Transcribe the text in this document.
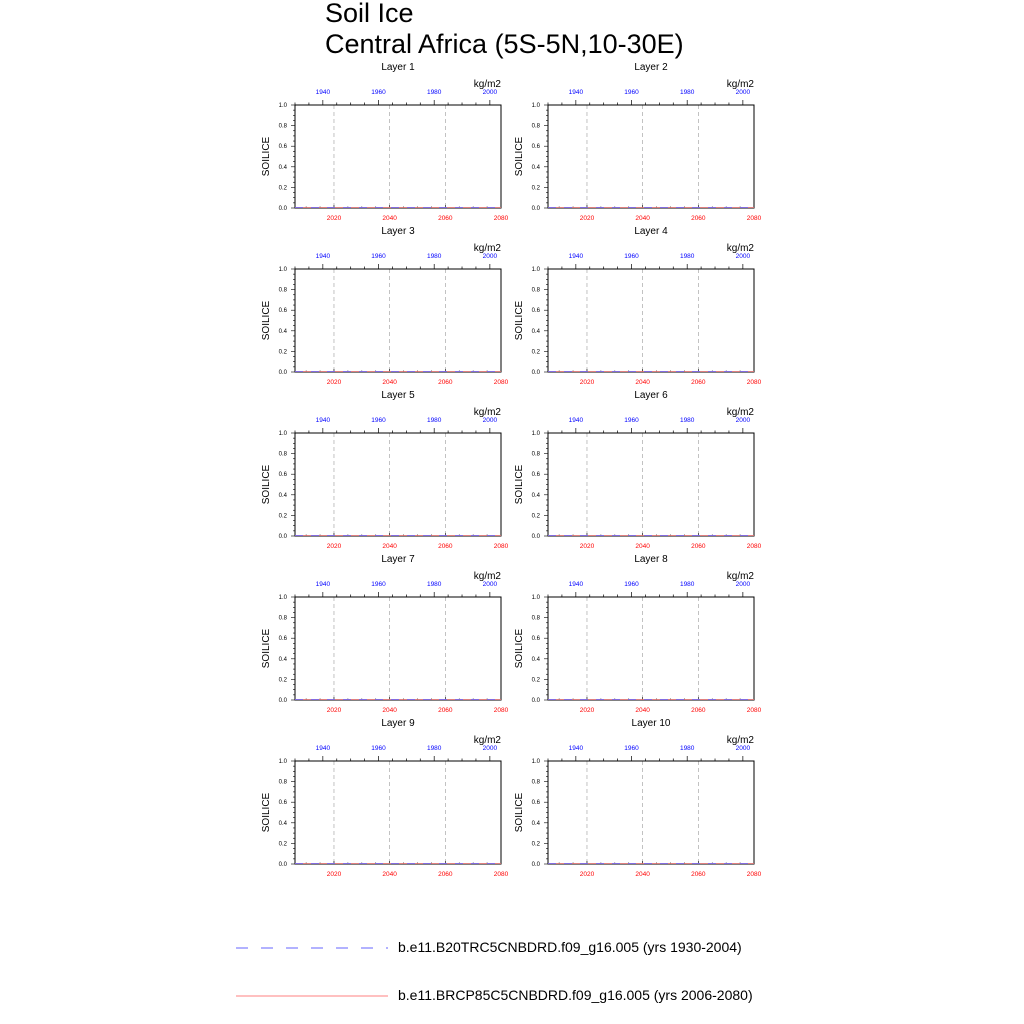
Soil Ice
Central Africa (5S-5N,10-30E)
Layer 1
kg/m2
SOILICE
0.0
0.2
0.4
0.6
0.8
1.0
2020	2040	2060	2080
1940	1960	1980	2000
Layer 2
kg/m2
SOILICE
0.0
0.2
0.4
0.6
0.8
1.0
2020	2040	2060	2080
1940	1960	1980	2000
Layer 3
kg/m2
SOILICE
0.0
0.2
0.4
0.6
0.8
1.0
2020	2040	2060	2080
1940	1960	1980	2000
Layer 4
kg/m2
SOILICE
0.0
0.2
0.4
0.6
0.8
1.0
2020	2040	2060	2080
1940	1960	1980	2000
Layer 5
kg/m2
SOILICE
0.0
0.2
0.4
0.6
0.8
1.0
2020	2040	2060	2080
1940	1960	1980	2000
Layer 6
kg/m2
SOILICE
0.0
0.2
0.4
0.6
0.8
1.0
2020	2040	2060	2080
1940	1960	1980	2000
Layer 7
kg/m2
SOILICE
0.0
0.2
0.4
0.6
0.8
1.0
2020	2040	2060	2080
1940	1960	1980	2000
Layer 8
kg/m2
SOILICE
0.0
0.2
0.4
0.6
0.8
1.0
2020	2040	2060	2080
1940	1960	1980	2000
Layer 9
kg/m2
SOILICE
0.0
0.2
0.4
0.6
0.8
1.0
2020	2040	2060	2080
1940	1960	1980	2000
Layer 10
kg/m2
SOILICE
0.0
0.2
0.4
0.6
0.8
1.0
2020	2040	2060	2080
1940	1960	1980	2000
b.e11.B20TRC5CNBDRD.f09_g16.005 (yrs 1930-2004)
b.e11.BRCP85C5CNBDRD.f09_g16.005 (yrs 2006-2080)
